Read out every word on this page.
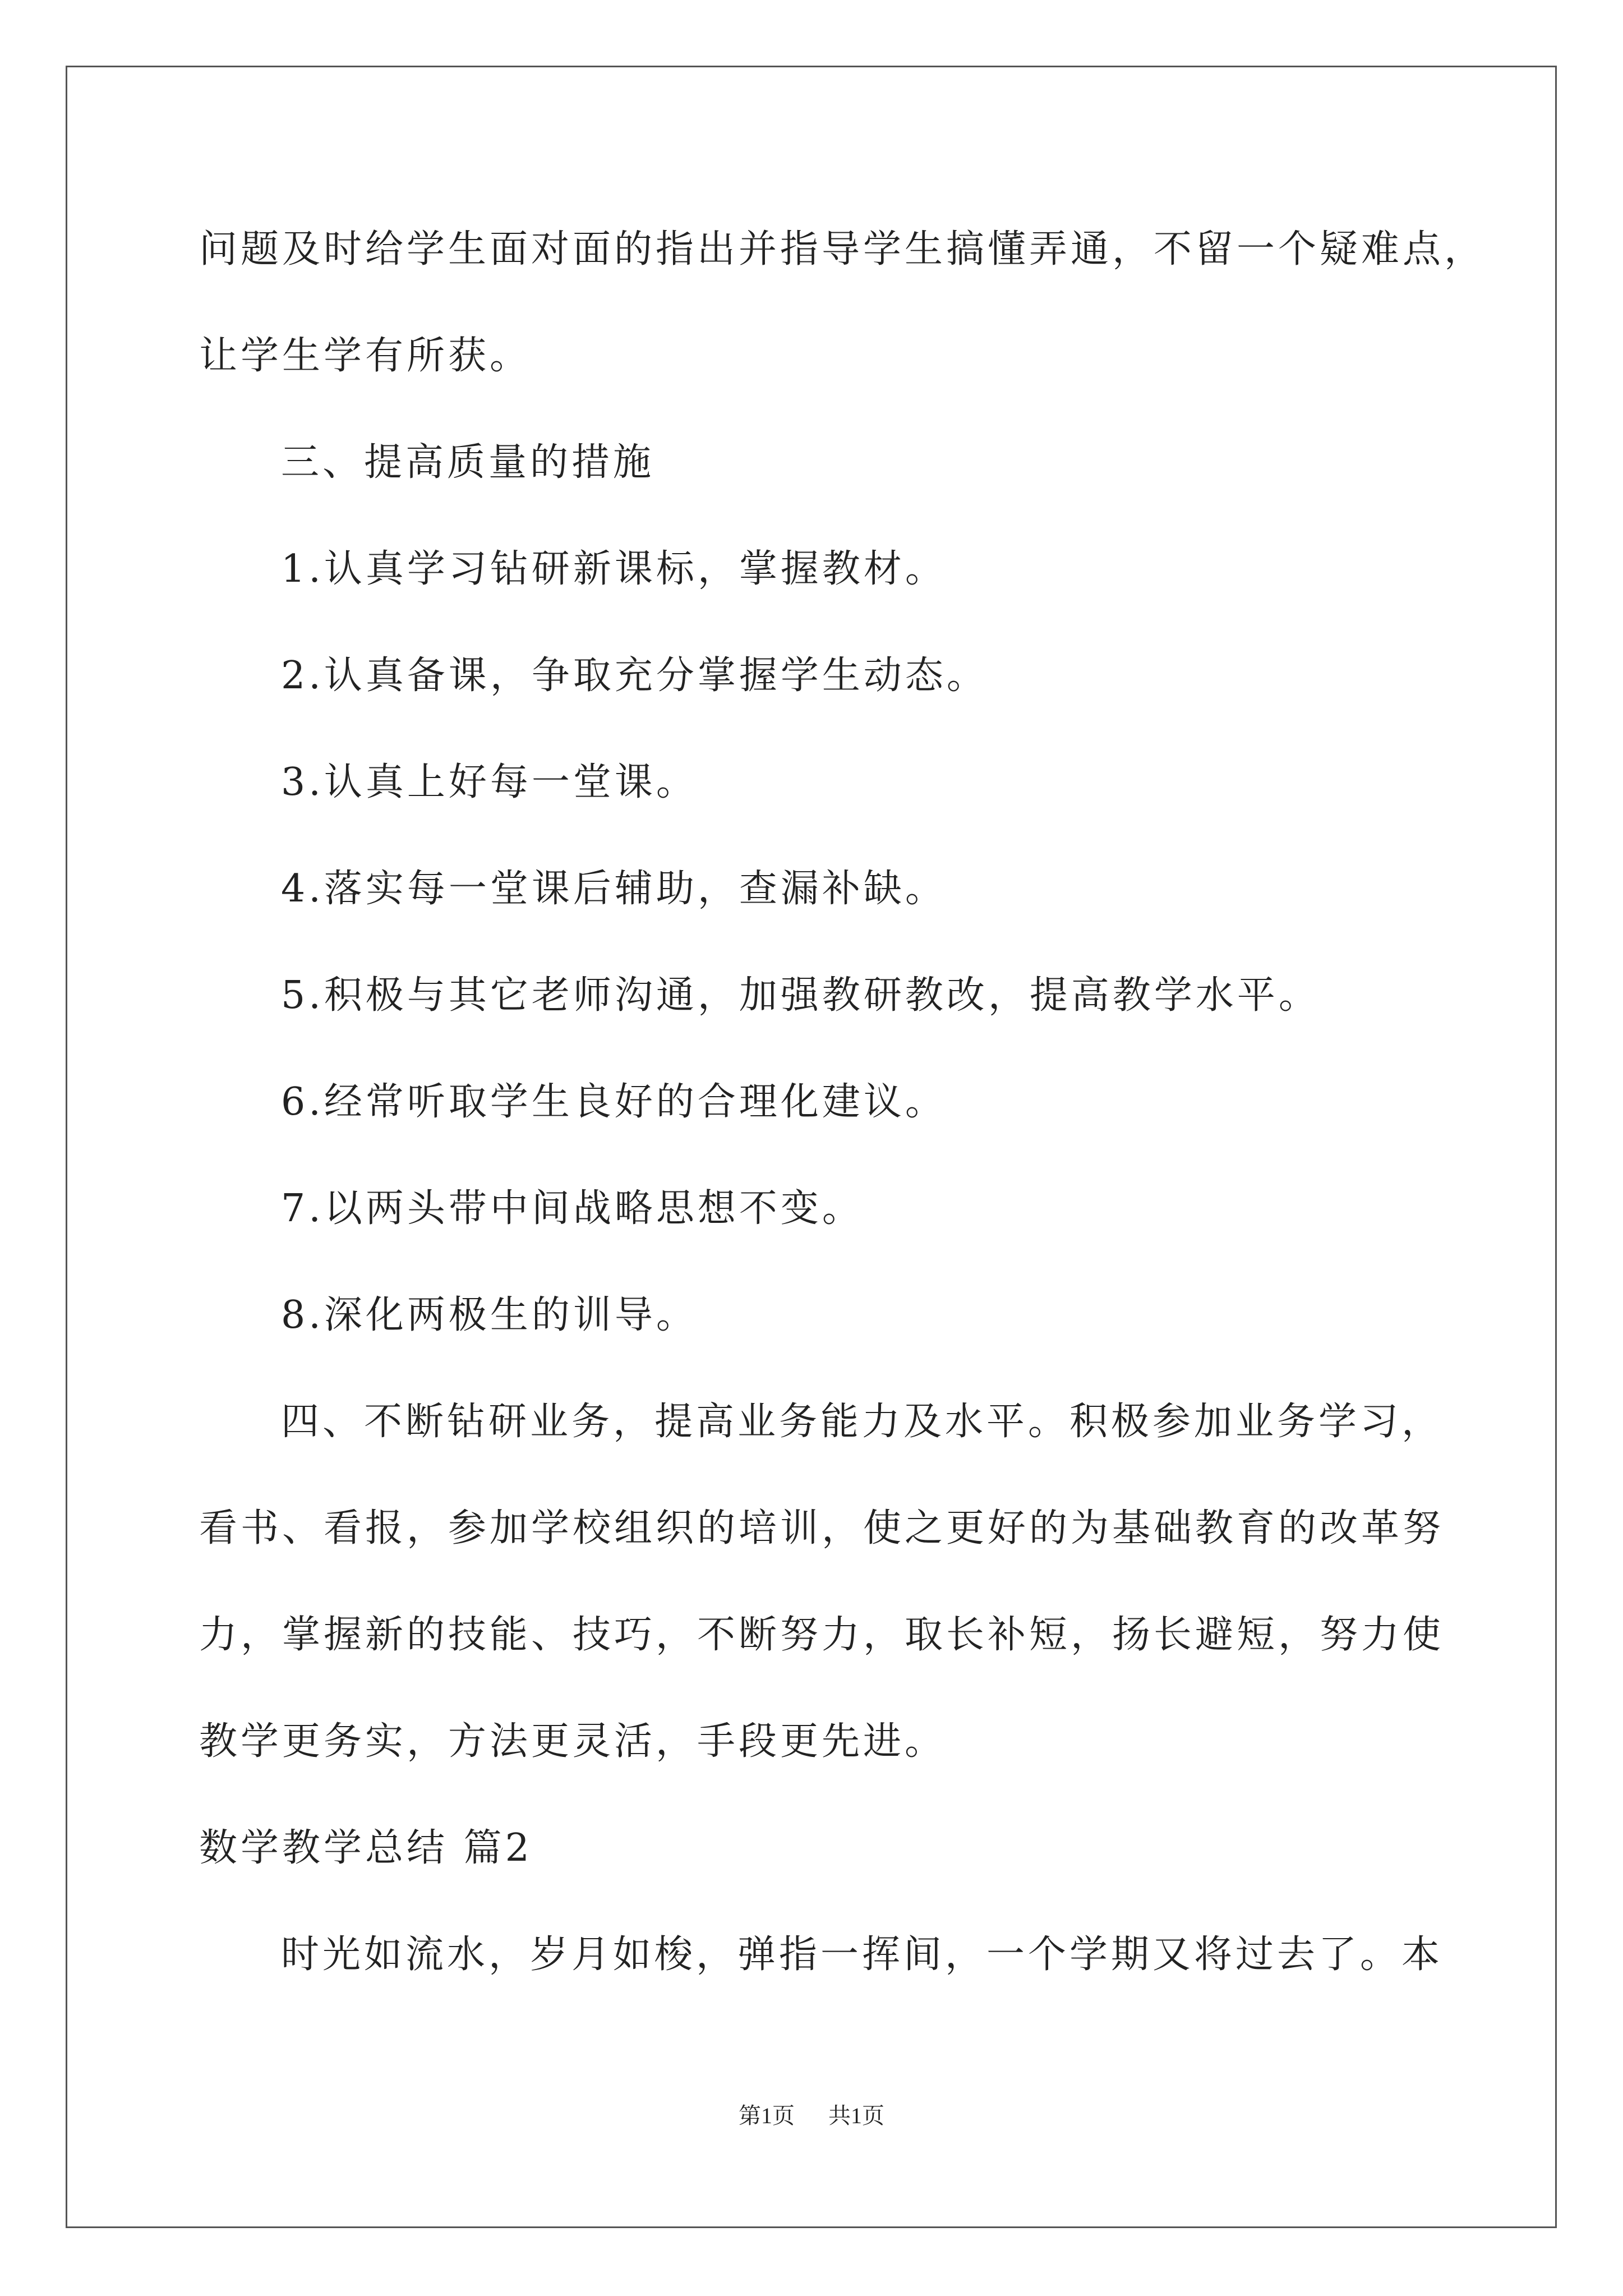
问题及时给学生面对面的指出并指导学生搞懂弄通，不留一个疑难点，
让学生学有所获。
三、提高质量的措施
1.认真学习钻研新课标，掌握教材。
2.认真备课，争取充分掌握学生动态。
3.认真上好每一堂课。
4.落实每一堂课后辅助，查漏补缺。
5.积极与其它老师沟通，加强教研教改，提高教学水平。
6.经常听取学生良好的合理化建议。
7.以两头带中间战略思想不变。
8.深化两极生的训导。
四、不断钻研业务，提高业务能力及水平。积极参加业务学习，
看书、看报，参加学校组织的培训，使之更好的为基础教育的改革努
力，掌握新的技能、技巧，不断努力，取长补短，扬长避短，努力使
教学更务实，方法更灵活，手段更先进。
数学教学总结 篇2
时光如流水，岁月如梭，弹指一挥间，一个学期又将过去了。本
第1页 共1页
